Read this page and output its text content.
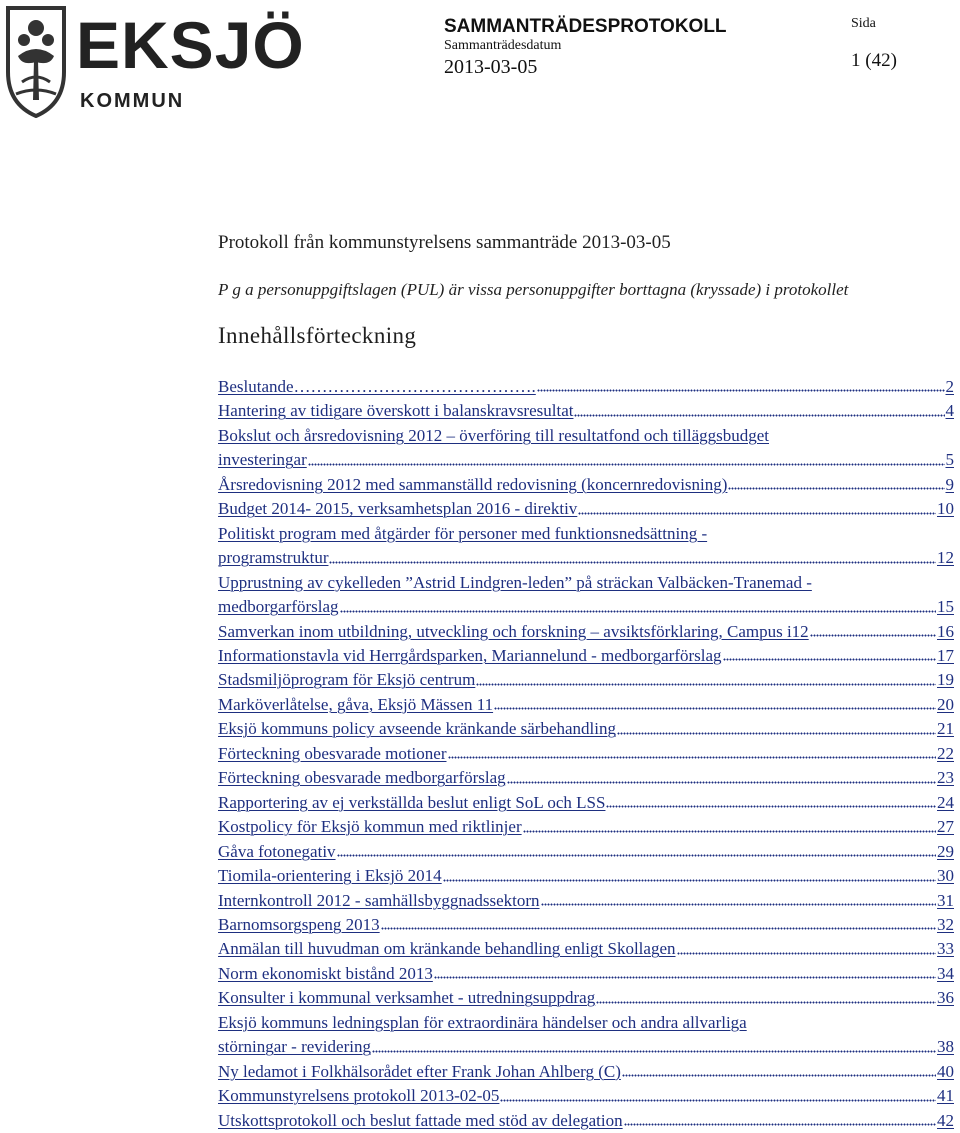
EKSJÖ
KOMMUN
SAMMANTRÄDESPROTOKOLL
Sammanträdesdatum
2013-03-05
Sida
1 (42)
Protokoll från kommunstyrelsens sammanträde 2013-03-05
P g a personuppgiftslagen (PUL) är vissa personuppgifter borttagna (kryssade) i protokollet
Innehållsförteckning
Beslutande…………………………………….	2
Hantering av tidigare överskott i balanskravsresultat	4
Bokslut och årsredovisning 2012 – överföring till resultatfond och tilläggsbudget
investeringar	5
Årsredovisning 2012 med sammanställd redovisning (koncernredovisning)	9
Budget 2014- 2015, verksamhetsplan 2016 - direktiv	10
Politiskt program med åtgärder för personer med funktionsnedsättning -
programstruktur	12
Upprustning av cykelleden ”Astrid Lindgren-leden” på sträckan Valbäcken-Tranemad -
medborgarförslag	15
Samverkan inom utbildning, utveckling och forskning – avsiktsförklaring, Campus i12	16
Informationstavla vid Herrgårdsparken, Mariannelund - medborgarförslag	17
Stadsmiljöprogram för Eksjö centrum	19
Marköverlåtelse, gåva, Eksjö Mässen 11	20
Eksjö kommuns policy avseende kränkande särbehandling	21
Förteckning obesvarade motioner	22
Förteckning obesvarade medborgarförslag	23
Rapportering av ej verkställda beslut enligt SoL och LSS	24
Kostpolicy för Eksjö kommun med riktlinjer	27
Gåva fotonegativ	29
Tiomila-orientering i Eksjö 2014	30
Internkontroll 2012 - samhällsbyggnadssektorn	31
Barnomsorgspeng 2013	32
Anmälan till huvudman om kränkande behandling enligt Skollagen	33
Norm ekonomiskt bistånd 2013	34
Konsulter i kommunal verksamhet - utredningsuppdrag	36
Eksjö kommuns ledningsplan för extraordinära händelser och andra allvarliga
störningar - revidering	38
Ny ledamot i Folkhälsorådet efter Frank Johan Ahlberg (C)	40
Kommunstyrelsens protokoll 2013-02-05	41
Utskottsprotokoll och beslut fattade med stöd av delegation	42
